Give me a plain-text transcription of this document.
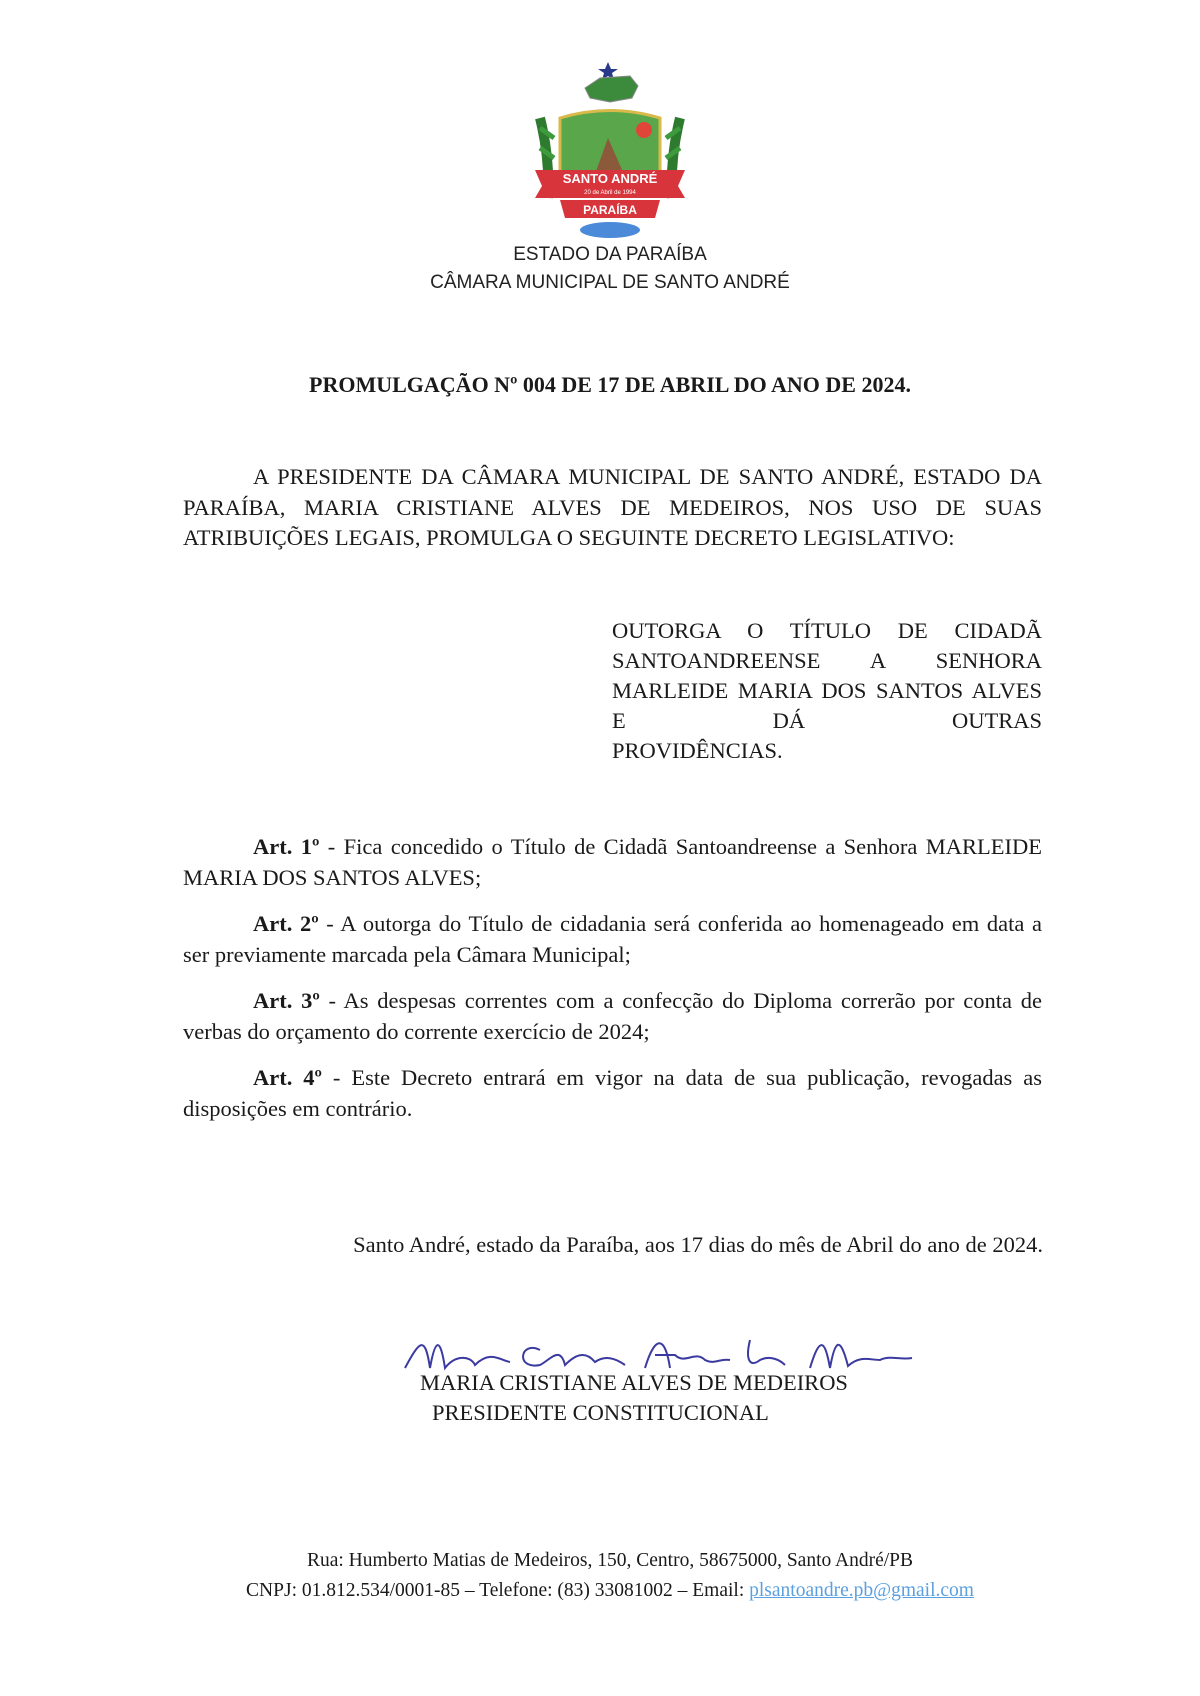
SANTO ANDRÉ
20 de Abril de 1994
PARAÍBA
ESTADO DA PARAÍBA
CÂMARA MUNICIPAL DE SANTO ANDRÉ
PROMULGAÇÃO Nº 004 DE 17 DE ABRIL DO ANO DE 2024.
A PRESIDENTE DA CÂMARA MUNICIPAL DE SANTO ANDRÉ, ESTADO DA PARAÍBA, MARIA CRISTIANE ALVES DE MEDEIROS, NOS USO DE SUAS ATRIBUIÇÕES LEGAIS, PROMULGA O SEGUINTE DECRETO LEGISLATIVO:
OUTORGA O TÍTULO DE CIDADÃ SANTOANDREENSE A SENHORA MARLEIDE MARIA DOS SANTOS ALVES E DÁ OUTRAS
PROVIDÊNCIAS.
Art. 1º - Fica concedido o Título de Cidadã Santoandreense a Senhora MARLEIDE MARIA DOS SANTOS ALVES;
Art. 2º - A outorga do Título de cidadania será conferida ao homenageado em data a ser previamente marcada pela Câmara Municipal;
Art. 3º - As despesas correntes com a confecção do Diploma correrão por conta de verbas do orçamento do corrente exercício de 2024;
Art. 4º - Este Decreto entrará em vigor na data de sua publicação, revogadas as disposições em contrário.
Santo André, estado da Paraíba, aos 17 dias do mês de Abril do ano de 2024.
MARIA CRISTIANE ALVES DE MEDEIROS
PRESIDENTE CONSTITUCIONAL
Rua: Humberto Matias de Medeiros, 150, Centro, 58675000, Santo André/PB
CNPJ: 01.812.534/0001-85 – Telefone: (83) 33081002 – Email: plsantoandre.pb@gmail.com
